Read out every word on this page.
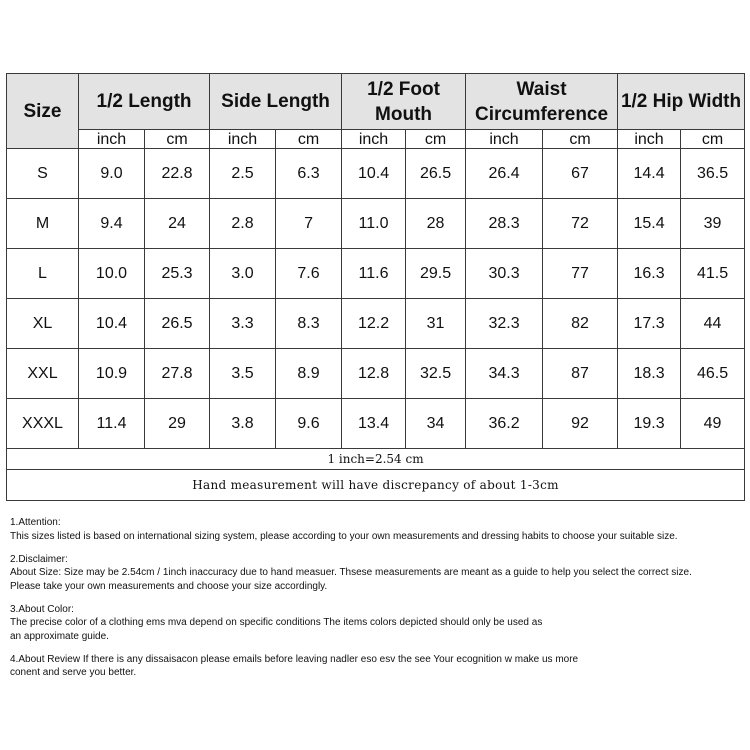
Size	1/2 Length		Side Length		1/2 Foot Mouth		Waist Circumference		1/2 Hip Width	
	inch	cm	inch	cm	inch	cm	inch	cm	inch	cm
S	9.0	22.8	2.5	6.3	10.4	26.5	26.4	67	14.4	36.5
M	9.4	24	2.8	7	11.0	28	28.3	72	15.4	39
L	10.0	25.3	3.0	7.6	11.6	29.5	30.3	77	16.3	41.5
XL	10.4	26.5	3.3	8.3	12.2	31	32.3	82	17.3	44
XXL	10.9	27.8	3.5	8.9	12.8	32.5	34.3	87	18.3	46.5
XXXL	11.4	29	3.8	9.6	13.4	34	36.2	92	19.3	49
1 inch=2.54 cm										
Hand measurement will have discrepancy of about 1-3cm										

1.Attention:

This sizes listed is based on international sizing system, please according to your own measurements and dressing habits to choose your suitable size.

2.Disclaimer:

About Size: Size may be 2.54cm / 1inch inaccuracy due to hand measuer. Thsese measurements are meant as a guide to help you select the correct size.

Please take your own measurements and choose your size accordingly.

3.About Color:

The precise color of a clothing ems mva depend on specific conditions The items colors depicted should only be used as

an approximate guide.

4.About Review If there is any dissaisacon please emails before leaving nadler eso esv the see Your ecognition w make us more

conent and serve you better.
